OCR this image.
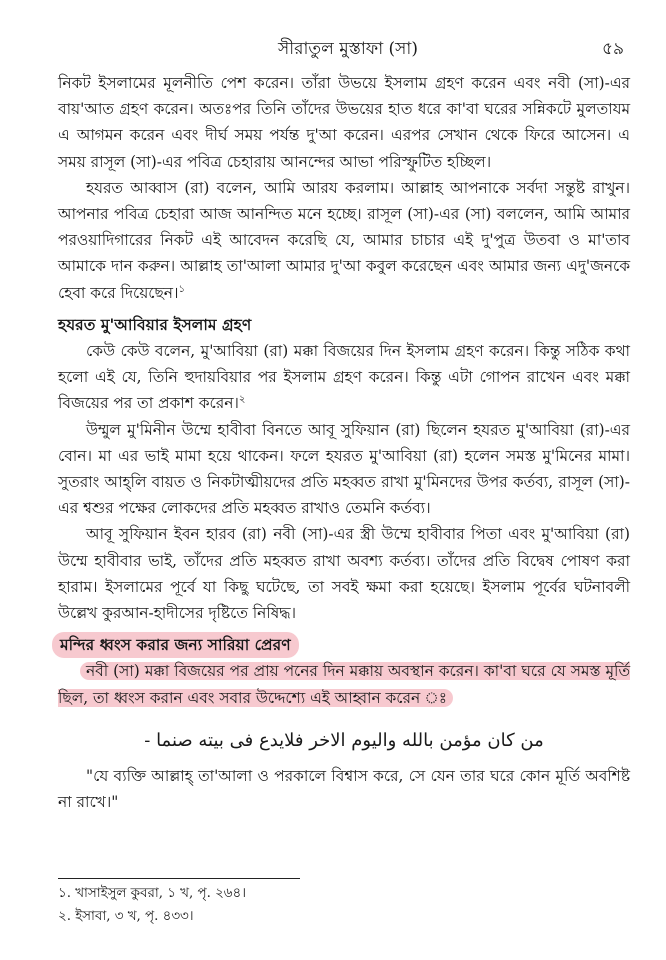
সীরাতুল মুস্তাফা (সা)	৫৯

নিকট ইসলামের মূলনীতি পেশ করেন। তাঁরা উভয়ে ইসলাম গ্রহণ করেন এবং নবী (সা)-এর বায়'আত গ্রহণ করেন। অতঃপর তিনি তাঁদের উভয়ের হাত ধরে কা'বা ঘরের সন্নিকটে মুলতাযম এ আগমন করেন এবং দীর্ঘ সময় পর্যন্ত দু'আ করেন। এরপর সেখান থেকে ফিরে আসেন। এ সময় রাসূল (সা)-এর পবিত্র চেহারায় আনন্দের আভা পরিস্ফুটিত হচ্ছিল।

হযরত আব্বাস (রা) বলেন, আমি আরয করলাম। আল্লাহ আপনাকে সর্বদা সন্তুষ্ট রাখুন। আপনার পবিত্র চেহারা আজ আনন্দিত মনে হচ্ছে। রাসূল (সা)-এর (সা) বললেন, আমি আমার পরওয়াদিগারের নিকট এই আবেদন করেছি যে, আমার চাচার এই দু'পুত্র উতবা ও মা'তাব আমাকে দান করুন। আল্লাহ তা'আলা আমার দু'আ কবুল করেছেন এবং আমার জন্য এদু'জনকে হেবা করে দিয়েছেন।$^১$

হযরত মু'আবিয়ার ইসলাম গ্রহণ

কেউ কেউ বলেন, মু'আবিয়া (রা) মক্কা বিজয়ের দিন ইসলাম গ্রহণ করেন। কিন্তু সঠিক কথা হলো এই যে, তিনি হুদায়বিয়ার পর ইসলাম গ্রহণ করেন। কিন্তু এটা গোপন রাখেন এবং মক্কা বিজয়ের পর তা প্রকাশ করেন।$^২$

উম্মুল মু'মিনীন উম্মে হাবীবা বিনতে আবূ সুফিয়ান (রা) ছিলেন হযরত মু'আবিয়া (রা)-এর বোন। মা এর ভাই মামা হয়ে থাকেন। ফলে হযরত মু'আবিয়া (রা) হলেন সমস্ত মু'মিনের মামা। সুতরাং আহ্‌লি বায়ত ও নিকটাত্মীয়দের প্রতি মহব্বত রাখা মু'মিনদের উপর কর্তব্য, রাসূল (সা)-এর শ্বশুর পক্ষের লোকদের প্রতি মহব্বত রাখাও তেমনি কর্তব্য।

আবূ সুফিয়ান ইবন হারব (রা) নবী (সা)-এর স্ত্রী উম্মে হাবীবার পিতা এবং মু'আবিয়া (রা) উম্মে হাবীবার ভাই, তাঁদের প্রতি মহব্বত রাখা অবশ্য কর্তব্য। তাঁদের প্রতি বিদ্বেষ পোষণ করা হারাম। ইসলামের পূর্বে যা কিছু ঘটেছে, তা সবই ক্ষমা করা হয়েছে। ইসলাম পূর্বের ঘটনাবলী উল্লেখ কুরআন-হাদীসের দৃষ্টিতে নিষিদ্ধ।

মন্দির ধ্বংস করার জন্য সারিয়া প্রেরণ

নবী (সা) মক্কা বিজয়ের পর প্রায় পনের দিন মক্কায় অবস্থান করেন। কা'বা ঘরে যে সমস্ত মূর্তি ছিল, তা ধ্বংস করান এবং সবার উদ্দেশ্যে এই আহ্বান করেন ঃ

من كان مؤمن بالله واليوم الاخر فلايدع فى بيته صنما -

"যে ব্যক্তি আল্লাহ্ তা'আলা ও পরকালে বিশ্বাস করে, সে যেন তার ঘরে কোন মূর্তি অবশিষ্ট না রাখে।"

১. খাসাইসুল কুবরা, ১ খ, পৃ. ২৬৪।
২. ইসাবা, ৩ খ, পৃ. ৪৩৩।
